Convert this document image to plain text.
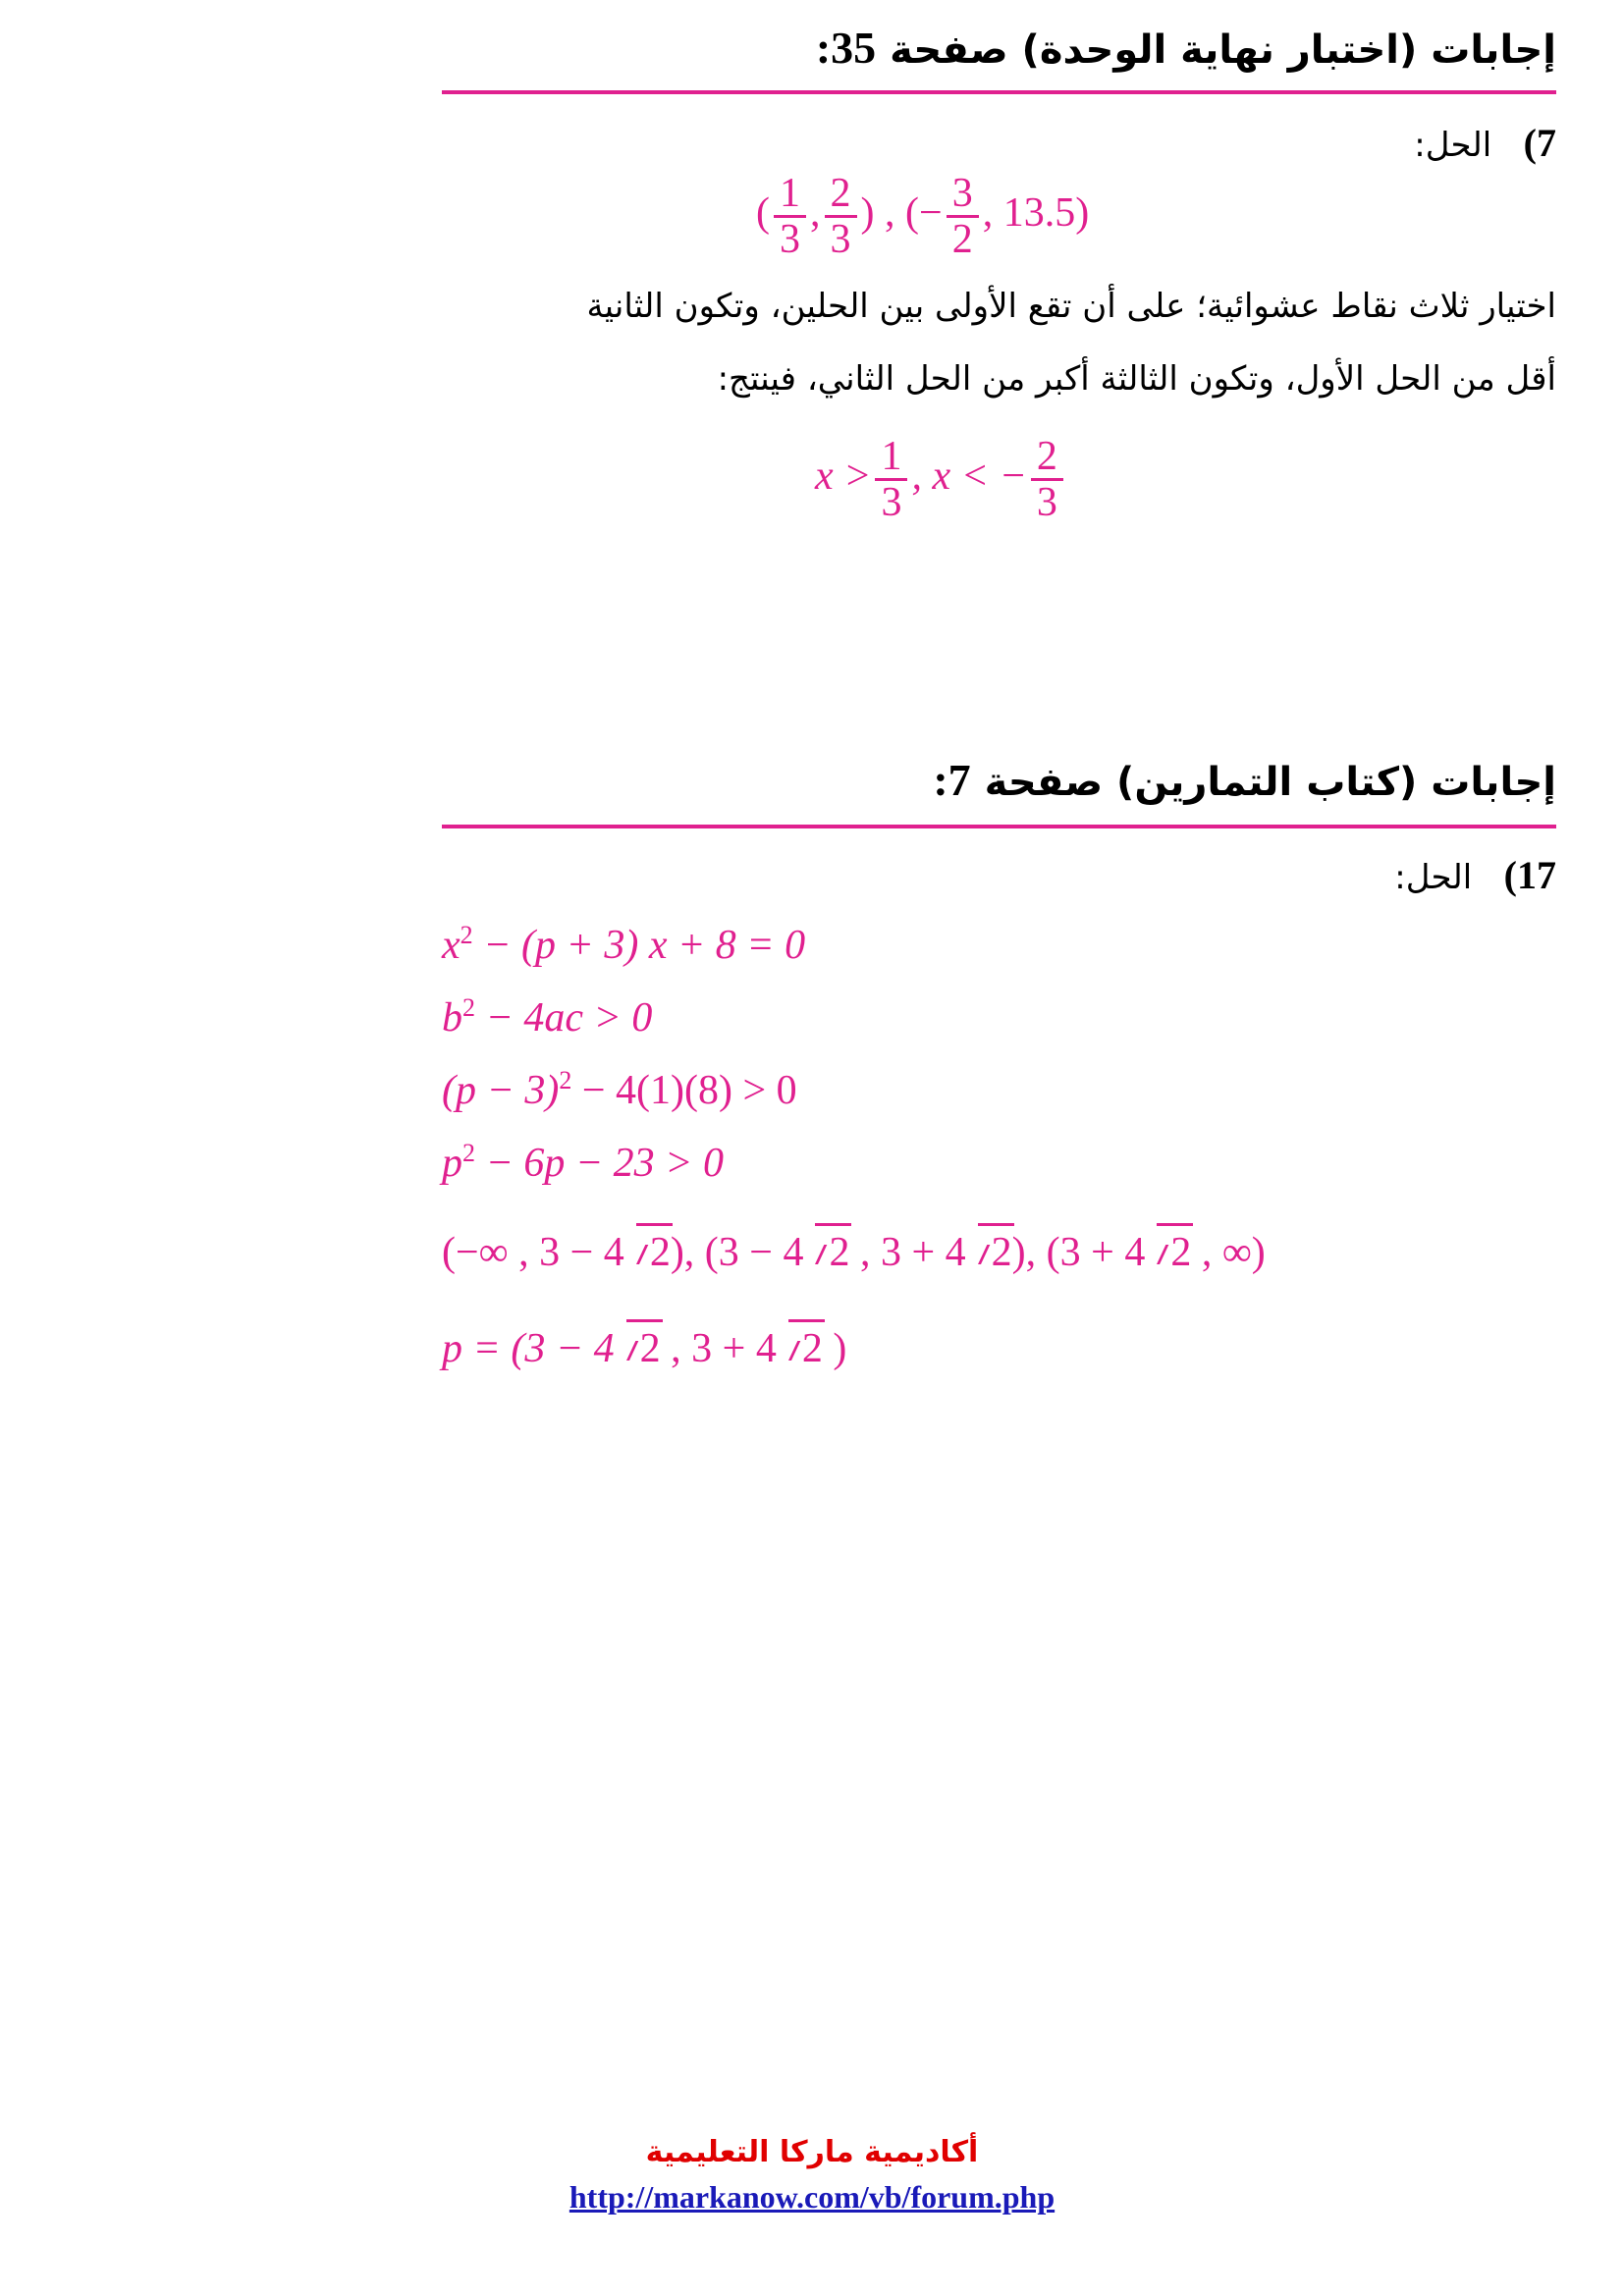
إجابات (اختبار نهاية الوحدة) صفحة 35:
7)   الحل:
( $\frac{1}{3}$ , $\frac{2}{3}$ ) , (− $\frac{3}{2}$ , 13.5)
اختيار ثلاث نقاط عشوائية؛ على أن تقع الأولى بين الحلين، وتكون الثانية
أقل من الحل الأول، وتكون الثالثة أكبر من الحل الثاني، فينتج:
$x > \frac{1}{3}$ , x < − $\frac{2}{3}$
إجابات (كتاب التمارين) صفحة 7:
17)   الحل:
$x^2 - (p + 3) x + 8 = 0$
$b^2 - 4ac > 0$
$(p - 3)^2 - 4(1)(8) > 0$
$p^2 - 6p - 23 > 0$
(−∞ , 3 − 4 2), (3 − 4 2 , 3 + 4 2), (3 + 4 2 , ∞)
p = (3 − 4 2 , 3 + 4 2 )
أكاديمية ماركا التعليمية
http://markanow.com/vb/forum.php
